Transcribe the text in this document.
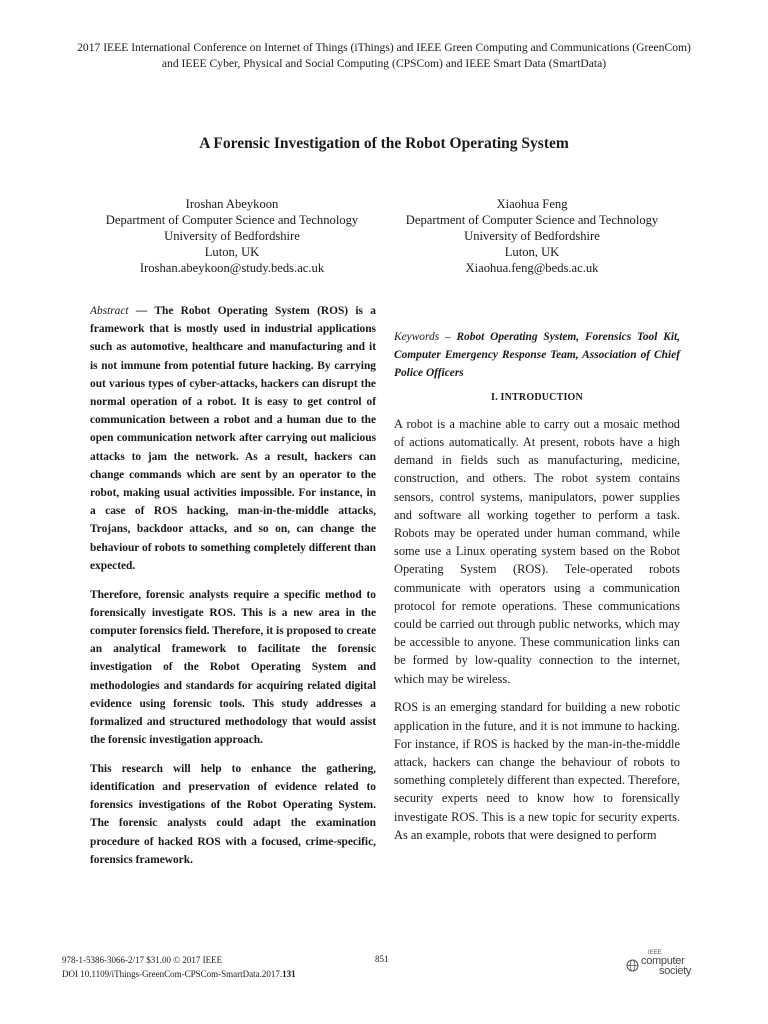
2017 IEEE International Conference on Internet of Things (iThings) and IEEE Green Computing and Communications (GreenCom)
and IEEE Cyber, Physical and Social Computing (CPSCom) and IEEE Smart Data (SmartData)
A Forensic Investigation of the Robot Operating System
Iroshan Abeykoon
Department of Computer Science and Technology
University of Bedfordshire
Luton, UK
Iroshan.abeykoon@study.beds.ac.uk
Xiaohua Feng
Department of Computer Science and Technology
University of Bedfordshire
Luton, UK
Xiaohua.feng@beds.ac.uk

Abstract — The Robot Operating System (ROS) is a framework that is mostly used in industrial applications such as automotive, healthcare and manufacturing and it is not immune from potential future hacking. By carrying out various types of cyber-attacks, hackers can disrupt the normal operation of a robot. It is easy to get control of communication between a robot and a human due to the open communication network after carrying out malicious attacks to jam the network. As a result, hackers can change commands which are sent by an operator to the robot, making usual activities impossible. For instance, in a case of ROS hacking, man-in-the-middle attacks, Trojans, backdoor attacks, and so on, can change the behaviour of robots to something completely different than expected.

Therefore, forensic analysts require a specific method to forensically investigate ROS. This is a new area in the computer forensics field. Therefore, it is proposed to create an analytical framework to facilitate the forensic investigation of the Robot Operating System and methodologies and standards for acquiring related digital evidence using forensic tools. This study addresses a formalized and structured methodology that would assist the forensic investigation approach.

This research will help to enhance the gathering, identification and preservation of evidence related to forensics investigations of the Robot Operating System. The forensic analysts could adapt the examination procedure of hacked ROS with a focused, crime-specific, forensics framework.

Keywords – Robot Operating System, Forensics Tool Kit, Computer Emergency Response Team, Association of Chief Police Officers

I. INTRODUCTION

A robot is a machine able to carry out a mosaic method of actions automatically. At present, robots have a high demand in fields such as manufacturing, medicine, construction, and others. The robot system contains sensors, control systems, manipulators, power supplies and software all working together to perform a task. Robots may be operated under human command, while some use a Linux operating system based on the Robot Operating System (ROS). Tele-operated robots communicate with operators using a communication protocol for remote operations. These communications could be carried out through public networks, which may be accessible to anyone. These communication links can be formed by low-quality connection to the internet, which may be wireless.

ROS is an emerging standard for building a new robotic application in the future, and it is not immune to hacking. For instance, if ROS is hacked by the man-in-the-middle attack, hackers can change the behaviour of robots to something completely different than expected. Therefore, security experts need to know how to forensically investigate ROS. This is a new topic for security experts. As an example, robots that were designed to perform

978-1-5386-3066-2/17 $31.00 © 2017 IEEE
DOI 10.1109/iThings-GreenCom-CPSCom-SmartData.2017.131
851
IEEE
computer
society
